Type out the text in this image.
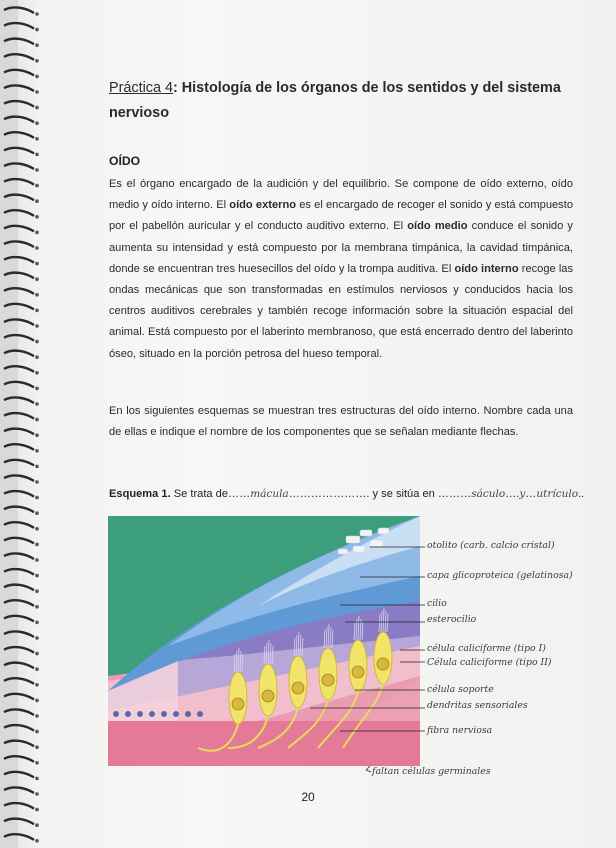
Práctica 4: Histología de los órganos de los sentidos y del sistema nervioso
OÍDO
Es el órgano encargado de la audición y del equilibrio. Se compone de oído externo, oído medio y oído interno. El oído externo es el encargado de recoger el sonido y está compuesto por el pabellón auricular y el conducto auditivo externo. El oído medio conduce el sonido y aumenta su intensidad y está compuesto por la membrana timpánica, la cavidad timpánica, donde se encuentran tres huesecillos del oído y la trompa auditiva. El oído interno recoge las ondas mecánicas que son transformadas en estímulos nerviosos y conducidos hacia los centros auditivos cerebrales y también recoge información sobre la situación espacial del animal. Está compuesto por el laberinto membranoso, que está encerrado dentro del laberinto óseo, situado en la porción petrosa del hueso temporal.
En los siguientes esquemas se muestran tres estructuras del oído interno. Nombre cada una de ellas e indique el nombre de los componentes que se señalan mediante flechas.
Esquema 1. Se trata de……mácula…………………. y se sitúa en ………sáculo….y…utrículo..
otolito (carb. calcio cristal)
capa glicoproteica (gelatinosa)
cilio
esterocilio
célula caliciforme (tipo I)
Célula caliciforme (tipo II)
célula soporte
dendritas sensoriales
fibra nerviosa
faltan células germinales
20
